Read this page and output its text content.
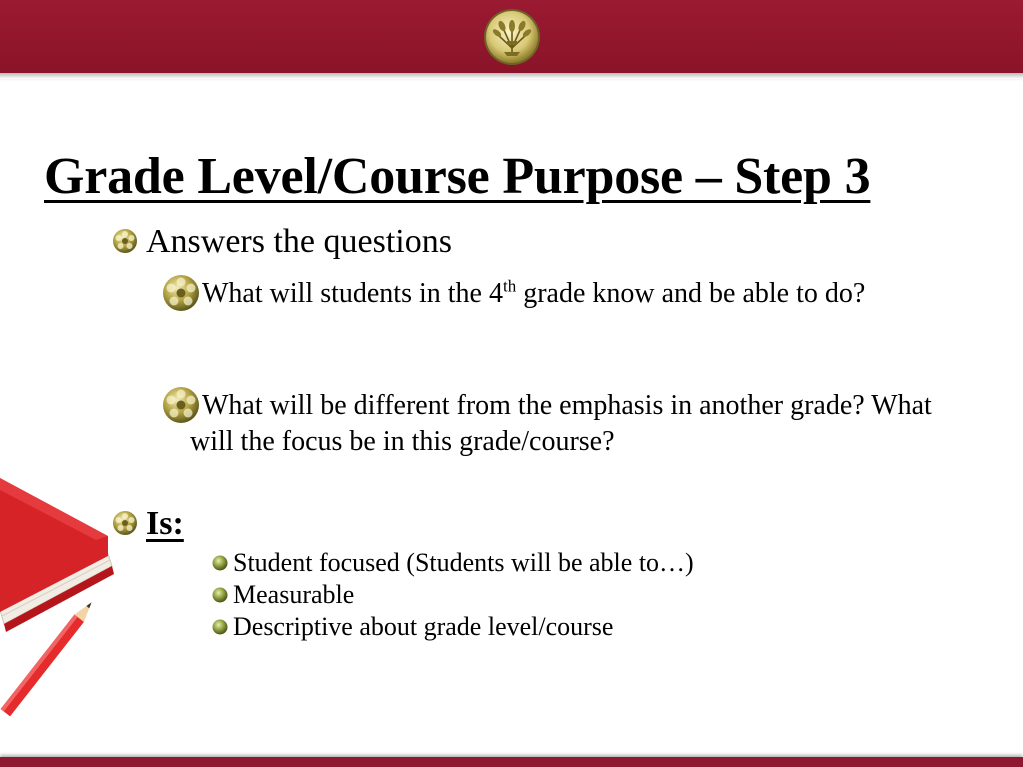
Grade Level/Course Purpose – Step 3
Answers the questions

What will students in the 4th grade know and be able to do?

What will be different from the emphasis in another grade? What will the focus be in this grade/course?

Is:
Student focused (Students will be able to…)
Measurable
Descriptive about grade level/course
